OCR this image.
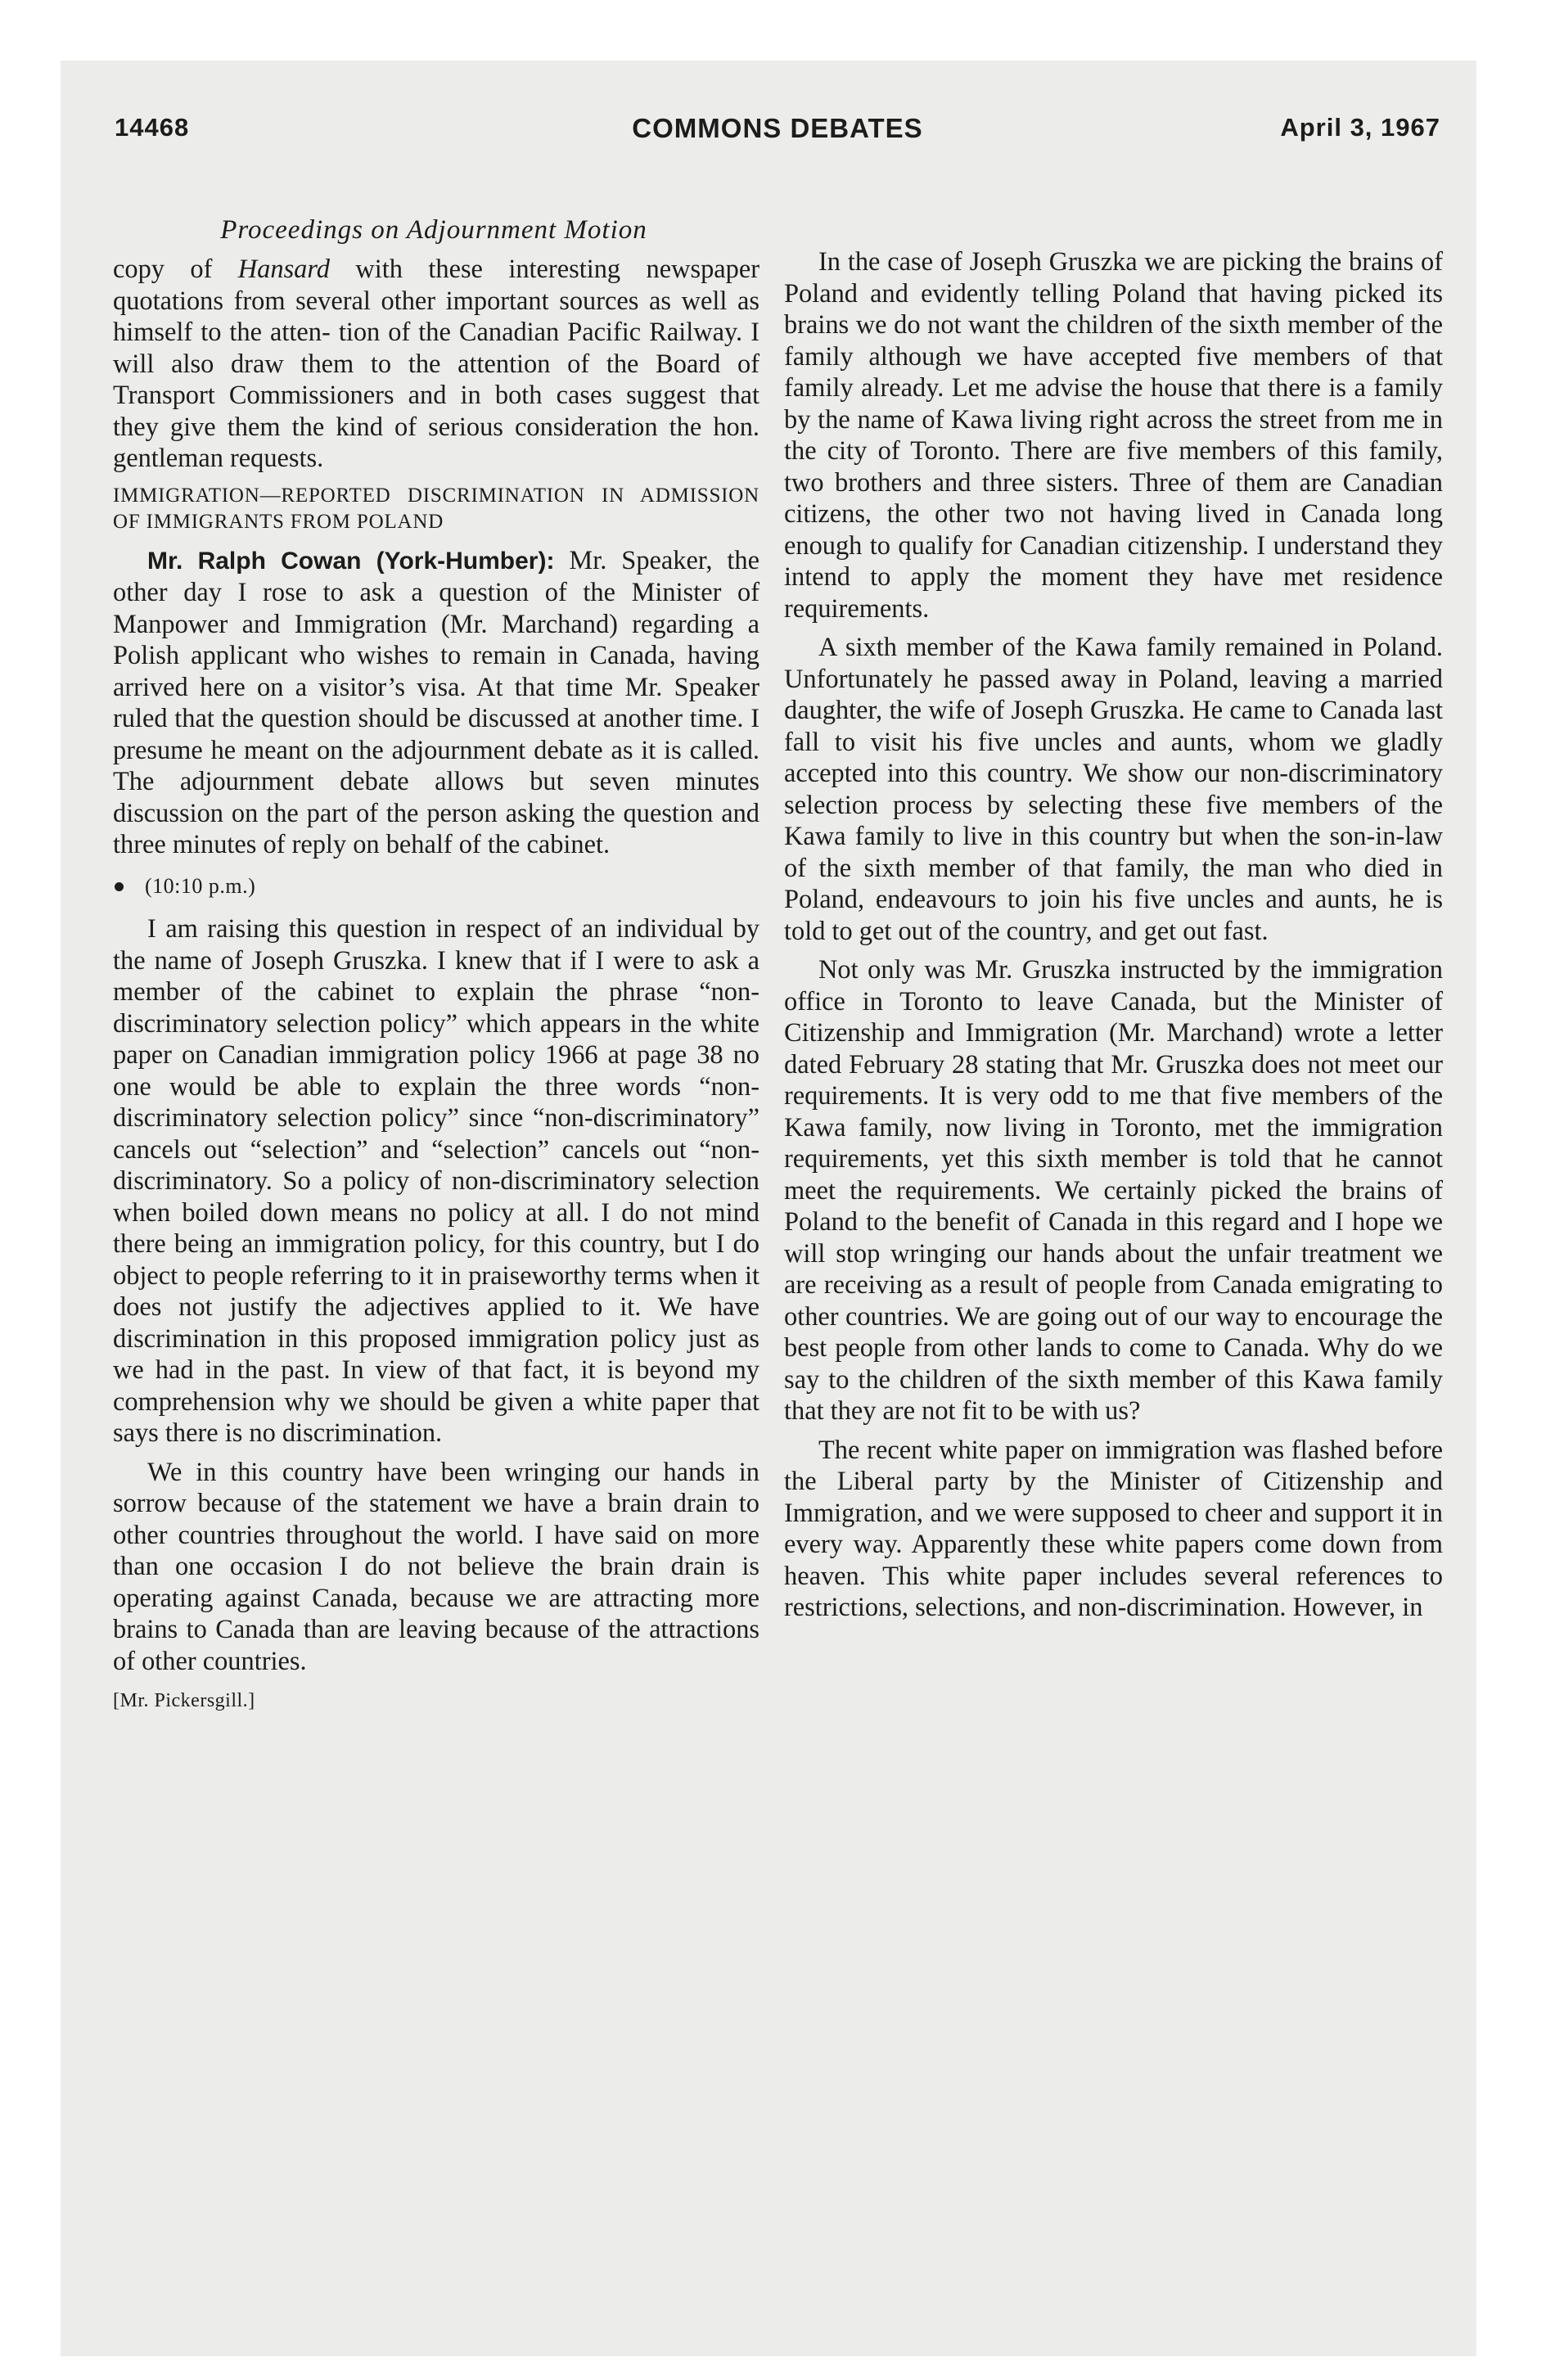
14468	COMMONS DEBATES	April 3, 1967
Proceedings on Adjournment Motion

copy of Hansard with these interesting newspaper quotations from several other important sources as well as himself to the atten- tion of the Canadian Pacific Railway. I will also draw them to the attention of the Board of Transport Commissioners and in both cases suggest that they give them the kind of serious consideration the hon. gentleman requests.

IMMIGRATION—REPORTED DISCRIMINATION IN ADMISSION OF IMMIGRANTS FROM POLAND

Mr. Ralph Cowan (York-Humber): Mr. Speaker, the other day I rose to ask a question of the Minister of Manpower and Immigration (Mr. Marchand) regarding a Polish applicant who wishes to remain in Canada, having arrived here on a visitor’s visa. At that time Mr. Speaker ruled that the question should be discussed at another time. I presume he meant on the adjournment debate as it is called. The adjournment debate allows but seven minutes discussion on the part of the person asking the question and three minutes of reply on behalf of the cabinet.

(10:10 p.m.)

I am raising this question in respect of an individual by the name of Joseph Gruszka. I knew that if I were to ask a member of the cabinet to explain the phrase “non-discriminatory selection policy” which appears in the white paper on Canadian immigration policy 1966 at page 38 no one would be able to explain the three words “non-discriminatory selection policy” since “non-discriminatory” cancels out “selection” and “selection” cancels out “non-discriminatory. So a policy of non-discriminatory selection when boiled down means no policy at all. I do not mind there being an immigration policy, for this country, but I do object to people referring to it in praiseworthy terms when it does not justify the adjectives applied to it. We have discrimination in this proposed immigration policy just as we had in the past. In view of that fact, it is beyond my comprehension why we should be given a white paper that says there is no discrimination.

We in this country have been wringing our hands in sorrow because of the statement we have a brain drain to other countries throughout the world. I have said on more than one occasion I do not believe the brain drain is operating against Canada, because we are attracting more brains to Canada than are leaving because of the attractions of other countries.

[Mr. Pickersgill.]

In the case of Joseph Gruszka we are picking the brains of Poland and evidently telling Poland that having picked its brains we do not want the children of the sixth member of the family although we have accepted five members of that family already. Let me advise the house that there is a family by the name of Kawa living right across the street from me in the city of Toronto. There are five members of this family, two brothers and three sisters. Three of them are Canadian citizens, the other two not having lived in Canada long enough to qualify for Canadian citizenship. I understand they intend to apply the moment they have met residence requirements.

A sixth member of the Kawa family remained in Poland. Unfortunately he passed away in Poland, leaving a married daughter, the wife of Joseph Gruszka. He came to Canada last fall to visit his five uncles and aunts, whom we gladly accepted into this country. We show our non-discriminatory selection process by selecting these five members of the Kawa family to live in this country but when the son-in-law of the sixth member of that family, the man who died in Poland, endeavours to join his five uncles and aunts, he is told to get out of the country, and get out fast.

Not only was Mr. Gruszka instructed by the immigration office in Toronto to leave Canada, but the Minister of Citizenship and Immigration (Mr. Marchand) wrote a letter dated February 28 stating that Mr. Gruszka does not meet our requirements. It is very odd to me that five members of the Kawa family, now living in Toronto, met the immigration requirements, yet this sixth member is told that he cannot meet the requirements. We certainly picked the brains of Poland to the benefit of Canada in this regard and I hope we will stop wringing our hands about the unfair treatment we are receiving as a result of people from Canada emigrating to other countries. We are going out of our way to encourage the best people from other lands to come to Canada. Why do we say to the children of the sixth member of this Kawa family that they are not fit to be with us?

The recent white paper on immigration was flashed before the Liberal party by the Minister of Citizenship and Immigration, and we were supposed to cheer and support it in every way. Apparently these white papers come down from heaven. This white paper includes several references to restrictions, selections, and non-discrimination. However, in
